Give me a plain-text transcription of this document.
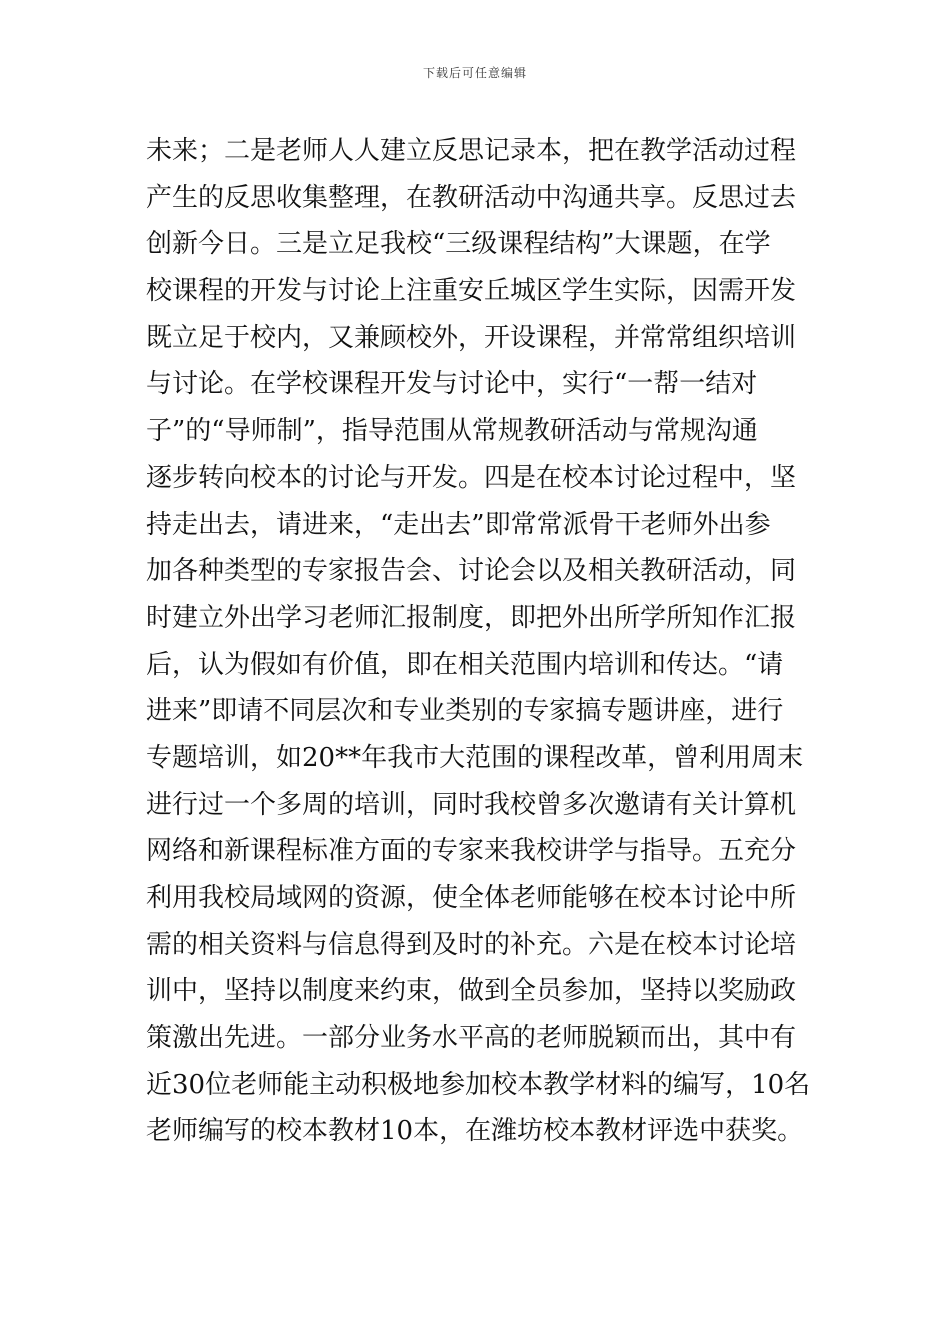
下载后可任意编辑
未来；二是老师人人建立反思记录本，把在教学活动过程
产生的反思收集整理，在教研活动中沟通共享。反思过去
创新今日。三是立足我校“三级课程结构”大课题，在学
校课程的开发与讨论上注重安丘城区学生实际，因需开发
既立足于校内，又兼顾校外，开设课程，并常常组织培训
与讨论。在学校课程开发与讨论中，实行“一帮一结对
子”的“导师制”，指导范围从常规教研活动与常规沟通
逐步转向校本的讨论与开发。四是在校本讨论过程中，坚
持走出去，请进来，“走出去”即常常派骨干老师外出参
加各种类型的专家报告会、讨论会以及相关教研活动，同
时建立外出学习老师汇报制度，即把外出所学所知作汇报
后，认为假如有价值，即在相关范围内培训和传达。“请
进来”即请不同层次和专业类别的专家搞专题讲座，进行
专题培训，如20**年我市大范围的课程改革，曾利用周末
进行过一个多周的培训，同时我校曾多次邀请有关计算机
网络和新课程标准方面的专家来我校讲学与指导。五充分
利用我校局域网的资源，使全体老师能够在校本讨论中所
需的相关资料与信息得到及时的补充。六是在校本讨论培
训中，坚持以制度来约束，做到全员参加，坚持以奖励政
策激出先进。一部分业务水平高的老师脱颖而出，其中有
近30位老师能主动积极地参加校本教学材料的编写，10名
老师编写的校本教材10本，在潍坊校本教材评选中获奖。
